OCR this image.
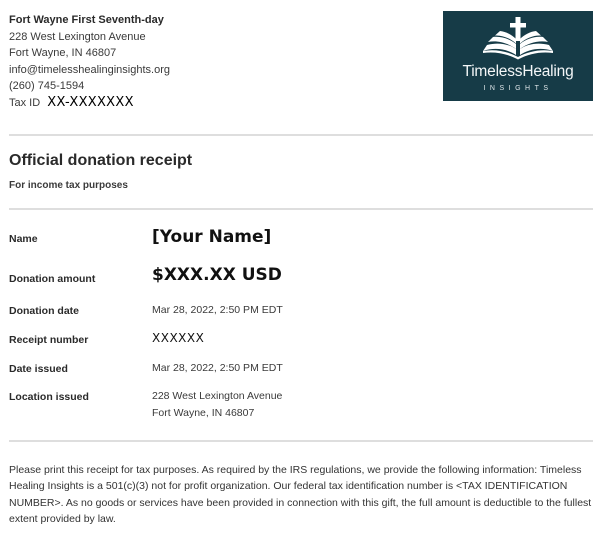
Fort Wayne First Seventh-day
228 West Lexington Avenue
Fort Wayne, IN 46807
info@timelesshealinginsights.org
(260) 745-1594
Tax ID XX-XXXXXXX
TimelessHealing
INSIGHTS
Official donation receipt
For income tax purposes
Name	[Your Name]
Donation amount	$XXX.XX USD
Donation date	Mar 28, 2022, 2:50 PM EDT
Receipt number	XXXXXX
Date issued	Mar 28, 2022, 2:50 PM EDT
Location issued	228 West Lexington Avenue
Fort Wayne, IN 46807
Please print this receipt for tax purposes. As required by the IRS regulations, we provide the following information: Timeless Healing Insights is a 501(c)(3) not for profit organization. Our federal tax identification number is <TAX IDENTIFICATION NUMBER>. As no goods or services have been provided in connection with this gift, the full amount is deductible to the fullest extent provided by law.
